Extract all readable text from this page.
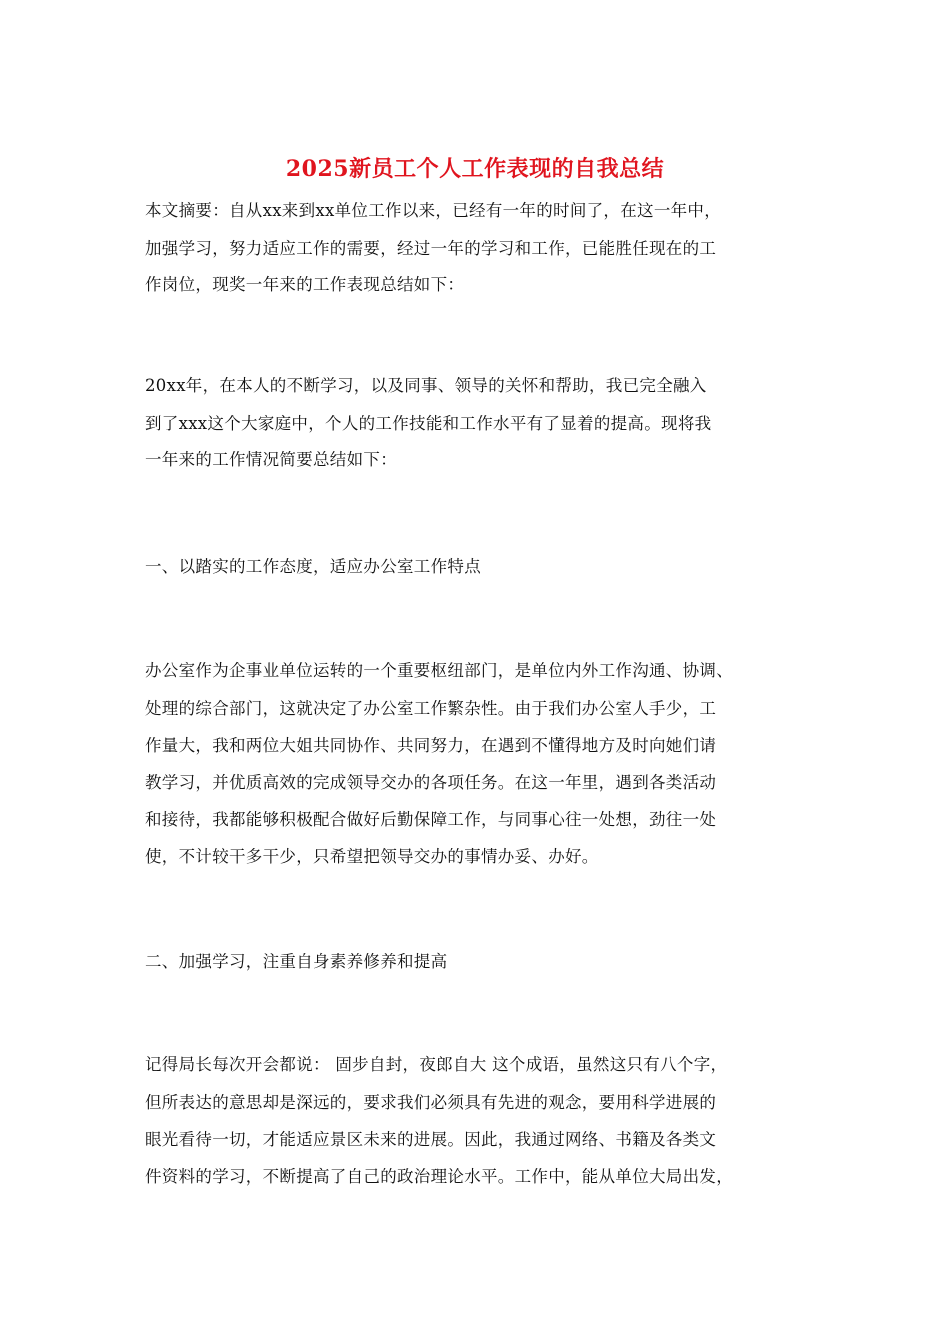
2025新员工个人工作表现的自我总结
本文摘要：自从xx来到xx单位工作以来，已经有一年的时间了，在这一年中，
加强学习，努力适应工作的需要，经过一年的学习和工作，已能胜任现在的工
作岗位，现奖一年来的工作表现总结如下：
20xx年，在本人的不断学习，以及同事、领导的关怀和帮助，我已完全融入
到了xxx这个大家庭中，个人的工作技能和工作水平有了显着的提高。现将我
一年来的工作情况简要总结如下：
一、以踏实的工作态度，适应办公室工作特点
办公室作为企事业单位运转的一个重要枢纽部门，是单位内外工作沟通、协调、
处理的综合部门，这就决定了办公室工作繁杂性。由于我们办公室人手少，工
作量大，我和两位大姐共同协作、共同努力，在遇到不懂得地方及时向她们请
教学习，并优质高效的完成领导交办的各项任务。在这一年里，遇到各类活动
和接待，我都能够积极配合做好后勤保障工作，与同事心往一处想，劲往一处
使，不计较干多干少，只希望把领导交办的事情办妥、办好。
二、加强学习，注重自身素养修养和提高
记得局长每次开会都说： 固步自封，夜郎自大 这个成语，虽然这只有八个字，
但所表达的意思却是深远的，要求我们必须具有先进的观念，要用科学进展的
眼光看待一切，才能适应景区未来的进展。因此，我通过网络、书籍及各类文
件资料的学习，不断提高了自己的政治理论水平。工作中，能从单位大局出发，
